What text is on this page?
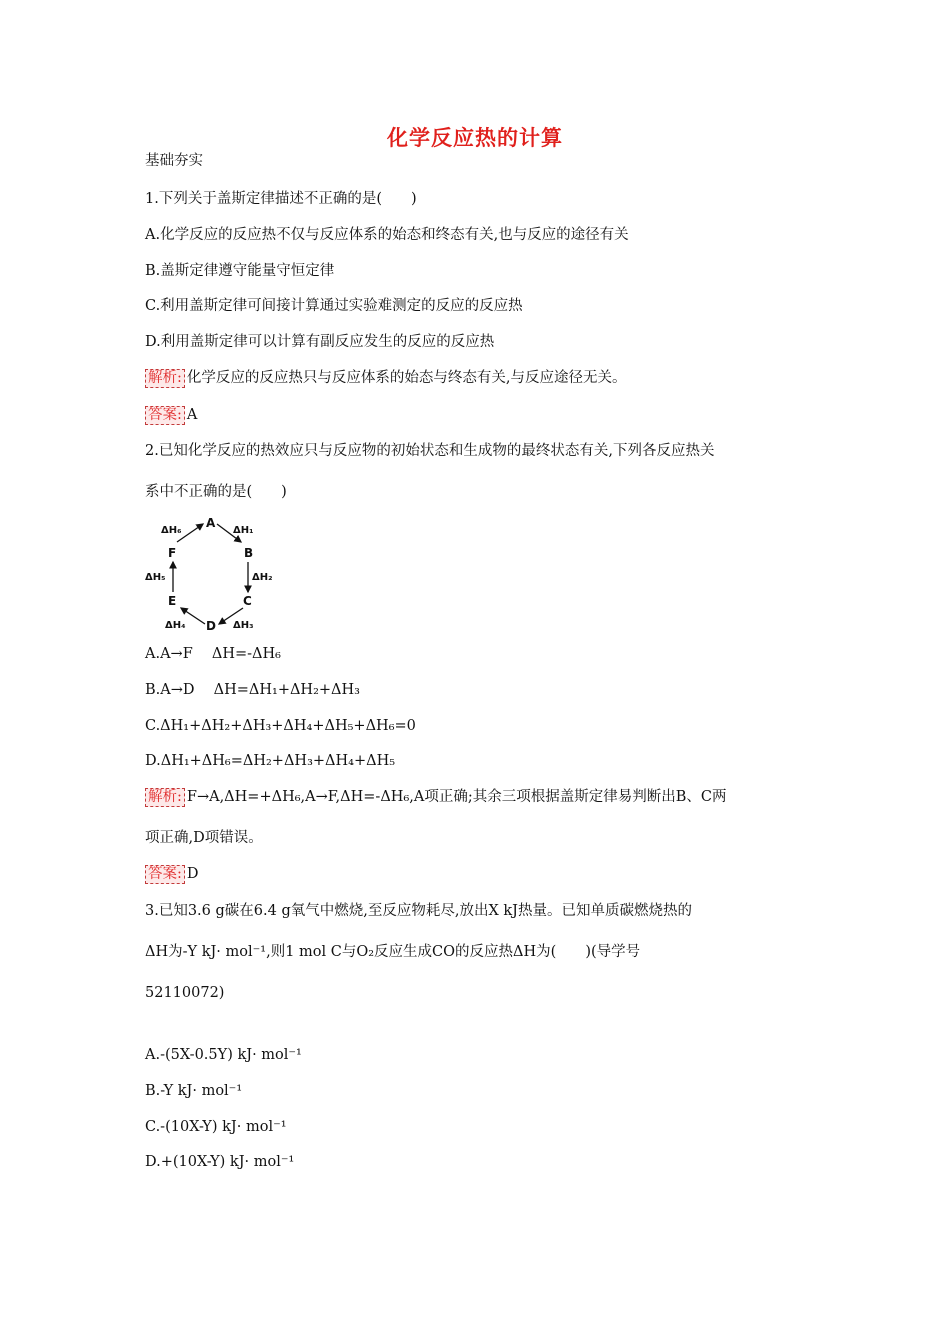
化学反应热的计算
基础夯实
1.下列关于盖斯定律描述不正确的是(　　)
A.化学反应的反应热不仅与反应体系的始态和终态有关,也与反应的途径有关
B.盖斯定律遵守能量守恒定律
C.利用盖斯定律可间接计算通过实验难测定的反应的反应热
D.利用盖斯定律可以计算有副反应发生的反应的反应热
解析: 化学反应的反应热只与反应体系的始态与终态有关,与反应途径无关。
答案: A
2.已知化学反应的热效应只与反应物的初始状态和生成物的最终状态有关,下列各反应热关
系中不正确的是(　　)
A
B
C
D
E
F
ΔH₁
ΔH₂
ΔH₃
ΔH₄
ΔH₅
ΔH₆
A.A→F　 ΔH=-ΔH₆
B.A→D　 ΔH=ΔH₁+ΔH₂+ΔH₃
C.ΔH₁+ΔH₂+ΔH₃+ΔH₄+ΔH₅+ΔH₆=0
D.ΔH₁+ΔH₆=ΔH₂+ΔH₃+ΔH₄+ΔH₅
解析: F→A,ΔH=+ΔH₆,A→F,ΔH=-ΔH₆,A项正确;其余三项根据盖斯定律易判断出B、C两
项正确,D项错误。
答案: D
3.已知3.6 g碳在6.4 g氧气中燃烧,至反应物耗尽,放出X kJ热量。已知单质碳燃烧热的
ΔH为-Y kJ· mol⁻¹,则1 mol C与O₂反应生成CO的反应热ΔH为(　　)(导学号
52110072)
A.-(5X-0.5Y) kJ· mol⁻¹
B.-Y kJ· mol⁻¹
C.-(10X-Y) kJ· mol⁻¹
D.+(10X-Y) kJ· mol⁻¹
